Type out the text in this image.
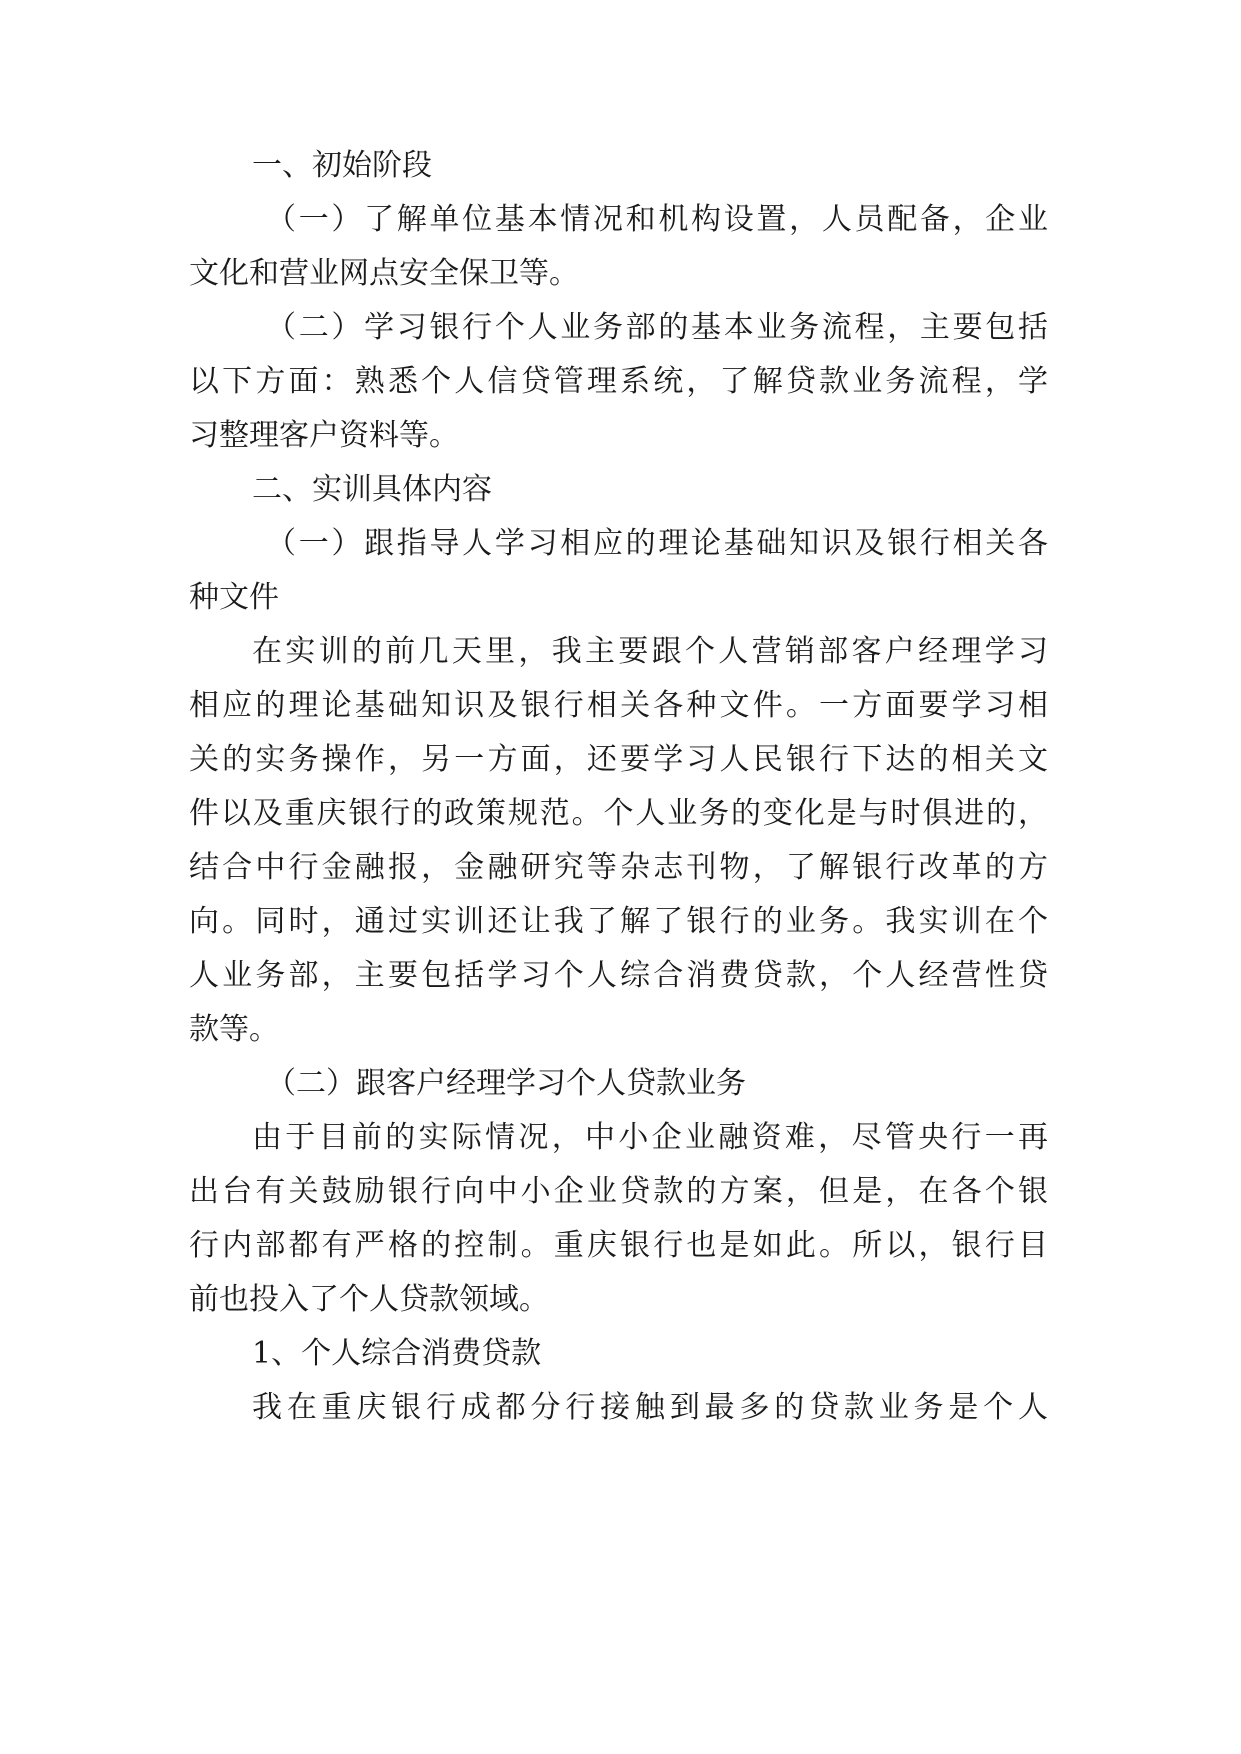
一、初始阶段

（一）了解单位基本情况和机构设置，人员配备，企业

文化和营业网点安全保卫等。

（二）学习银行个人业务部的基本业务流程，主要包括

以下方面：熟悉个人信贷管理系统，了解贷款业务流程，学

习整理客户资料等。

二、实训具体内容

（一）跟指导人学习相应的理论基础知识及银行相关各

种文件

在实训的前几天里，我主要跟个人营销部客户经理学习

相应的理论基础知识及银行相关各种文件。一方面要学习相

关的实务操作，另一方面，还要学习人民银行下达的相关文

件以及重庆银行的政策规范。个人业务的变化是与时俱进的，

结合中行金融报，金融研究等杂志刊物，了解银行改革的方

向。同时，通过实训还让我了解了银行的业务。我实训在个

人业务部，主要包括学习个人综合消费贷款，个人经营性贷

款等。

（二）跟客户经理学习个人贷款业务

由于目前的实际情况，中小企业融资难，尽管央行一再

出台有关鼓励银行向中小企业贷款的方案，但是，在各个银

行内部都有严格的控制。重庆银行也是如此。所以，银行目

前也投入了个人贷款领域。

1、个人综合消费贷款

我在重庆银行成都分行接触到最多的贷款业务是个人
